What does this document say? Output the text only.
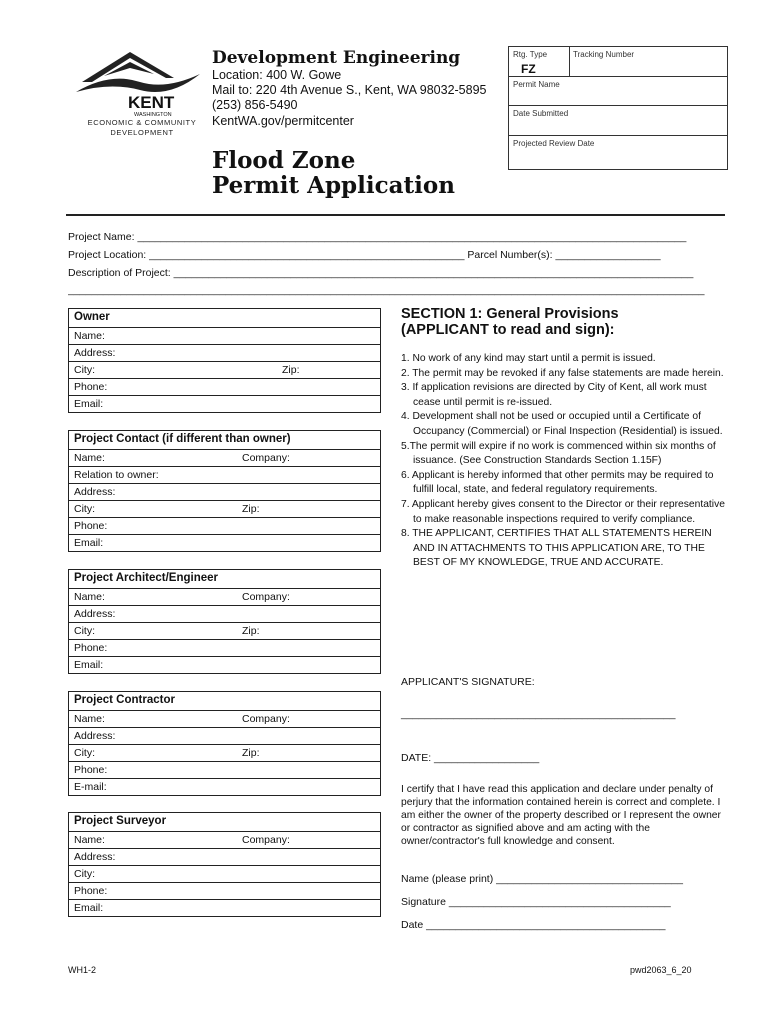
KENT
WASHINGTON
ECONOMIC & COMMUNITY
DEVELOPMENT
Development Engineering
Location: 400 W. Gowe
Mail to: 220 4th Avenue S., Kent, WA 98032-5895
(253) 856-5490
KentWA.gov/permitcenter
Flood Zone
Permit Application
Rtg. Type
FZ
Tracking Number
Permit Name
Date Submitted
Projected Review Date
Project Name: ______________________________________________________________________________________________
Project Location: ______________________________________________________ Parcel Number(s): __________________
Description of Project: _________________________________________________________________________________________
_____________________________________________________________________________________________________________
Owner
Name:
Address:
City:	Zip:
Phone:
Email:
Project Contact (if different than owner)
Name:	Company:
Relation to owner:
Address:
City:	Zip:
Phone:
Email:
Project Architect/Engineer
Name:	Company:
Address:
City:	Zip:
Phone:
Email:
Project Contractor
Name:	Company:
Address:
City:	Zip:
Phone:
E-mail:
Project Surveyor
Name:	Company:
Address:
City:
Phone:
Email:
SECTION 1: General Provisions
(APPLICANT to read and sign):
1. No work of any kind may start until a permit is issued.
2. The permit may be revoked if any false statements are made herein.
3. If application revisions are directed by City of Kent, all work must cease until permit is re-issued.
4. Development shall not be used or occupied until a Certificate of Occupancy (Commercial) or Final Inspection (Residential) is issued.
5.The permit will expire if no work is commenced within six months of issuance. (See Construction Standards Section 1.15F)
6. Applicant is hereby informed that other permits may be required to fulfill local, state, and federal regulatory requirements.
7. Applicant hereby gives consent to the Director or their representative to make reasonable inspections required to verify compliance.
8. THE APPLICANT, CERTIFIES THAT ALL STATEMENTS HEREIN AND IN ATTACHMENTS TO THIS APPLICATION ARE, TO THE BEST OF MY KNOWLEDGE, TRUE AND ACCURATE.
APPLICANT'S SIGNATURE:
_______________________________________________
DATE: __________________
I certify that I have read this application and declare under penalty of perjury that the information contained herein is correct and complete. I am either the owner of the property described or I represent the owner or contractor as signified above and am acting with the owner/contractor's full knowledge and consent.
Name (please print) ________________________________
Signature ______________________________________
Date _________________________________________
WH1-2	pwd2063_6_20
